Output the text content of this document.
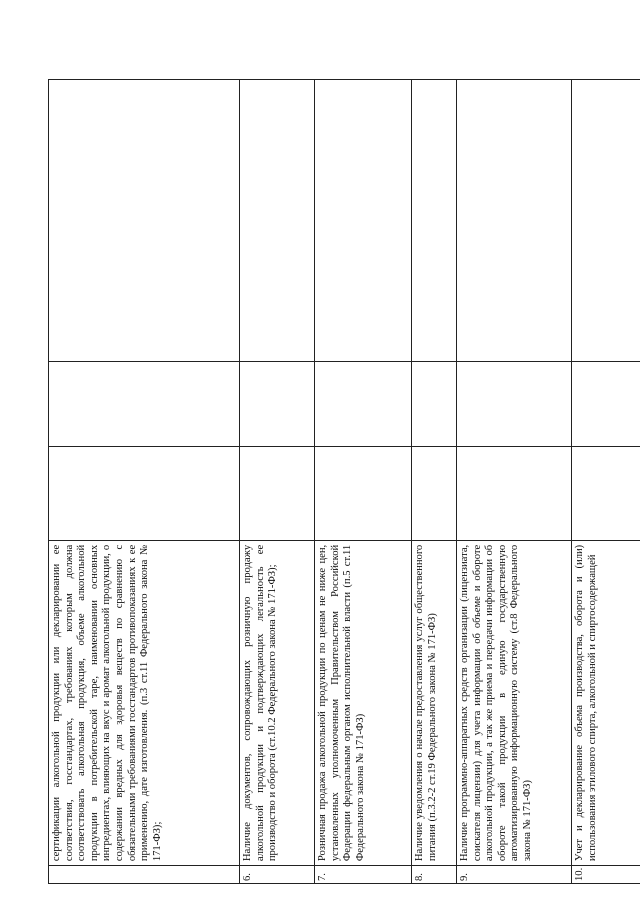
	сертификации алкогольной продукции или декларировании ее соответствия, госстандартах, требованиях которым должна соответствовать алкогольная продукция, объеме алкогольной продукции в потребительской таре, наименовании основных ингредиентах, влияющих на вкус и аромат алкогольной продукции, о содержании вредных для здоровья веществ по сравнению с обязательными требованиями госстандартов противопоказаниях к ее применению, дате изготовления. (п.3 ст.11 Федерального закона № 171-ФЗ);			
6.	Наличие документов, сопровождающих розничную продажу алкогольной продукции и подтверждающих легальность ее производство и оборота (ст.10.2 Федерального закона № 171-ФЗ);			
7.	Розничная продажа алкогольной продукции по ценам не ниже цен, установленных уполномоченным Правительством Российской Федерации федеральным органом исполнительной власти (п.5 ст.11 Федерального закона № 171-ФЗ)			
8.	Наличие уведомления о начале предоставления услуг общественного питания (п.3.2-2 ст.19 Федерального закона № 171-ФЗ)			
9.	Наличие программно-аппаратных средств организации (лицензиата, соискателя лицензии) для учета информации об объеме и обороте алкогольной продукции, а так же приема и передачи информации об обороте такой продукции в единую государственную автоматизированную информационную систему (ст.8 Федерального закона № 171-ФЗ)			
10.	Учет и декларирование объема производства, оборота и (или) использования этилового спирта, алкогольной и спиртосодержащей			
